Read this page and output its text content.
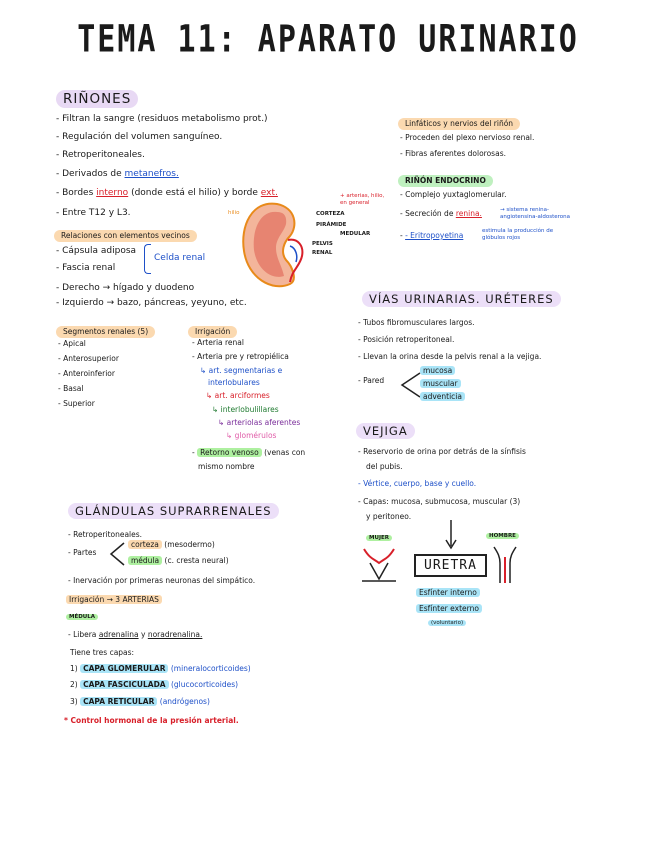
TEMA 11: APARATO URINARIO
RIÑONES
- Filtran la sangre (residuos metabolismo prot.)
- Regulación del volumen sanguíneo.
- Retroperitoneales.
- Derivados de metanefros.
- Bordes interno (donde está el hilio) y borde ext.
- Entre T12 y L3.
Relaciones con elementos vecinos
- Cápsula adiposa
- Fascia renal
Celda renal
- Derecho → hígado y duodeno
- Izquierdo → bazo, páncreas, yeyuno, etc.
hilio
+ arterias, hilio, en general
CORTEZA
PIRÁMIDE
MEDULAR
PELVIS
RENAL
Segmentos renales (5)
- Apical
- Anterosuperior
- Anteroinferior
- Basal
- Superior
Irrigación
- Arteria renal
- Arteria pre y retropiélica
↳ art. segmentarias e
interlobulares
↳ art. arciformes
↳ interlobulillares
↳ arteriolas aferentes
↳ glomérulos
- Retorno venoso (venas con
mismo nombre
Linfáticos y nervios del riñón
- Proceden del plexo nervioso renal.
- Fibras aferentes dolorosas.
RIÑÓN ENDOCRINO
- Complejo yuxtaglomerular.
- Secreción de renina.	→ sistema renina-angiotensina-aldosterona
- - Eritropoyetina	estimula la producción de glóbulos rojos
VÍAS URINARIAS. URÉTERES
- Tubos fibromusculares largos.
- Posición retroperitoneal.
- Llevan la orina desde la pelvis renal a la vejiga.
- Pared
mucosa
muscular
adventicia
VEJIGA
- Reservorio de orina por detrás de la sínfisis
del pubis.
- Vértice, cuerpo, base y cuello.
- Capas: mucosa, submucosa, muscular (3)
y peritoneo.
MUJER	HOMBRE
URETRA
Esfínter interno
Esfínter externo
(voluntario)
GLÁNDULAS SUPRARRENALES
- Retroperitoneales.
- Partes
corteza (mesodermo)
médula (c. cresta neural)
- Inervación por primeras neuronas del simpático.
Irrigación → 3 ARTERIAS
MÉDULA
- Libera adrenalina y noradrenalina.
Tiene tres capas:
1) CAPA GLOMERULAR (mineralocorticoides)
2) CAPA FASCICULADA (glucocorticoides)
3) CAPA RETICULAR (andrógenos)
* Control hormonal de la presión arterial.
